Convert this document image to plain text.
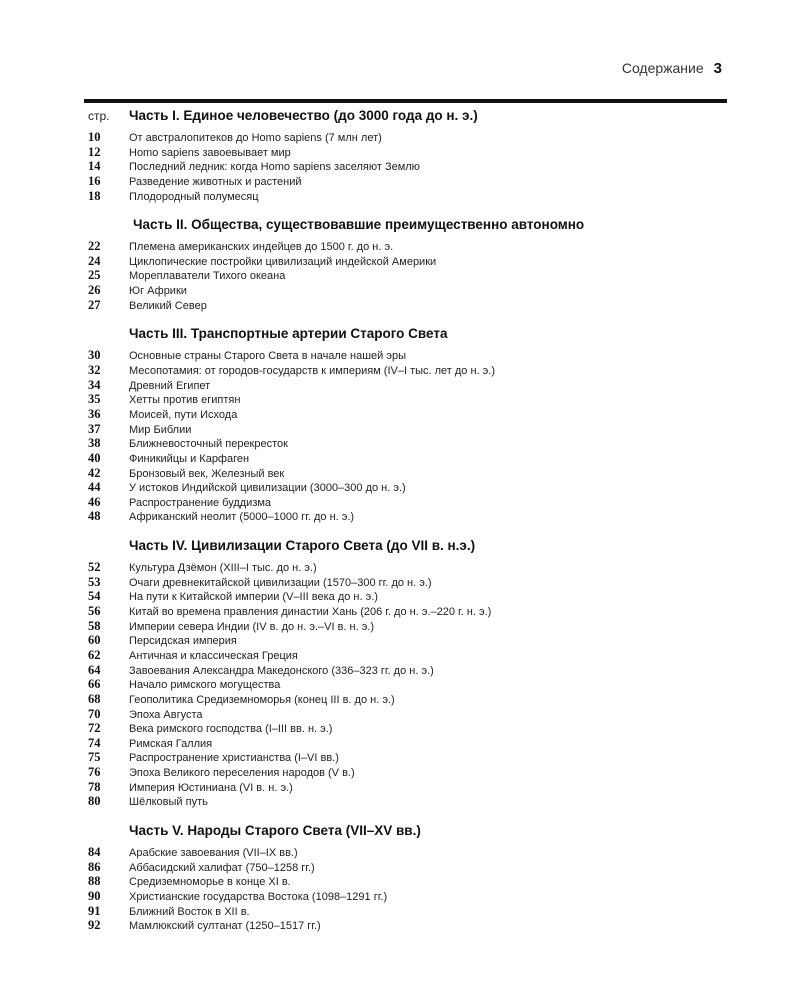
Содержание 3
стр.	Часть I. Единое человечество (до 3000 года до н. э.)
10	От австралопитеков до Homo sapiens (7 млн лет)
12	Homo sapiens завоевывает мир
14	Последний ледник: когда Homo sapiens заселяют Землю
16	Разведение животных и растений
18	Плодородный полумесяц
Часть II. Общества, существовавшие преимущественно автономно
22	Племена американских индейцев до 1500 г. до н. э.
24	Циклопические постройки цивилизаций индейской Америки
25	Мореплаватели Тихого океана
26	Юг Африки
27	Великий Север
Часть III. Транспортные артерии Старого Света
30	Основные страны Старого Света в начале нашей эры
32	Месопотамия: от городов-государств к империям (IV–I тыс. лет до н. э.)
34	Древний Египет
35	Хетты против египтян
36	Моисей, пути Исхода
37	Мир Библии
38	Ближневосточный перекресток
40	Финикийцы и Карфаген
42	Бронзовый век, Железный век
44	У истоков Индийской цивилизации (3000–300 до н. э.)
46	Распространение буддизма
48	Африканский неолит (5000–1000 гг. до н. э.)
Часть IV. Цивилизации Старого Света (до VII в. н.э.)
52	Культура Дзёмон (XIII–I тыс. до н. э.)
53	Очаги древнекитайской цивилизации (1570–300 гг. до н. э.)
54	На пути к Китайской империи (V–III века до н. э.)
56	Китай во времена правления династии Хань (206 г. до н. э.–220 г. н. э.)
58	Империи севера Индии (IV в. до н. э.–VI в. н. э.)
60	Персидская империя
62	Античная и классическая Греция
64	Завоевания Александра Македонского (336–323 гг. до н. э.)
66	Начало римского могущества
68	Геополитика Средиземноморья (конец III в. до н. э.)
70	Эпоха Августа
72	Века римского господства (I–III вв. н. э.)
74	Римская Галлия
75	Распространение христианства (I–VI вв.)
76	Эпоха Великого переселения народов (V в.)
78	Империя Юстиниана (VI в. н. э.)
80	Шёлковый путь
Часть V. Народы Старого Света (VII–XV вв.)
84	Арабские завоевания (VII–IX вв.)
86	Аббасидский халифат (750–1258 гг.)
88	Средиземноморье в конце XI в.
90	Христианские государства Востока (1098–1291 гг.)
91	Ближний Восток в XII в.
92	Мамлюкский султанат (1250–1517 гг.)
